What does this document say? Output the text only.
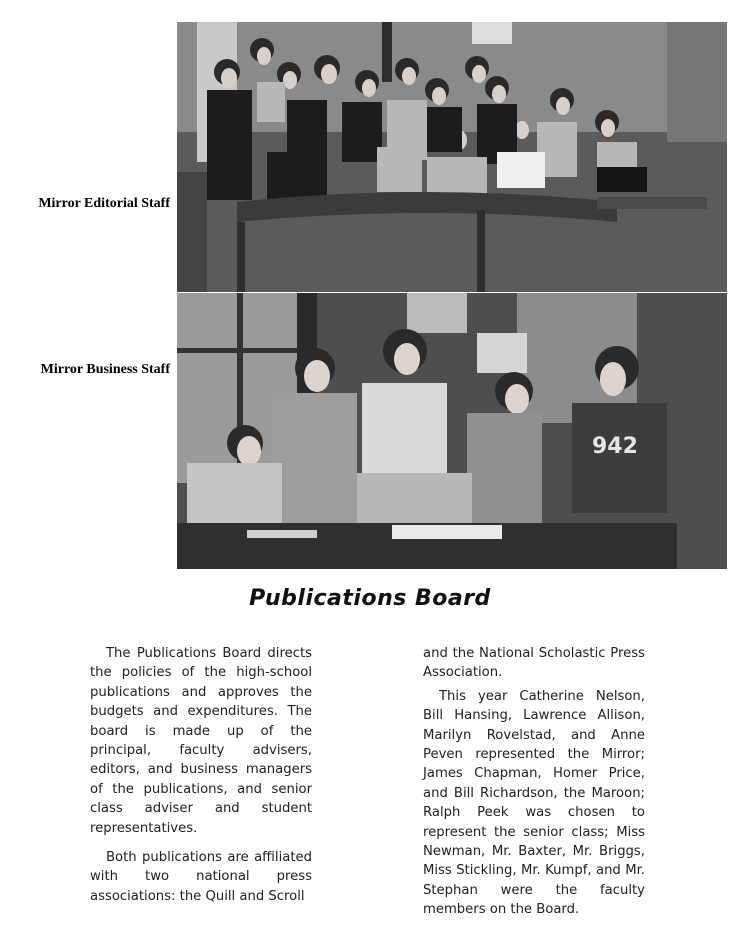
Mirror Editorial Staff
Mirror Business Staff
942
Publications Board

The Publications Board directs the policies of the high-school publications and approves the budgets and expenditures. The board is made up of the principal, faculty advisers, editors, and business managers of the publications, and senior class adviser and student representatives.

Both publications are affiliated with two national press associations: the Quill and Scroll

and the National Scholastic Press Association.

This year Catherine Nelson, Bill Hansing, Lawrence Allison, Marilyn Rovelstad, and Anne Peven represented the Mirror; James Chapman, Homer Price, and Bill Richardson, the Maroon; Ralph Peek was chosen to represent the senior class; Miss Newman, Mr. Baxter, Mr. Briggs, Miss Stickling, Mr. Kumpf, and Mr. Stephan were the faculty members on the Board.
